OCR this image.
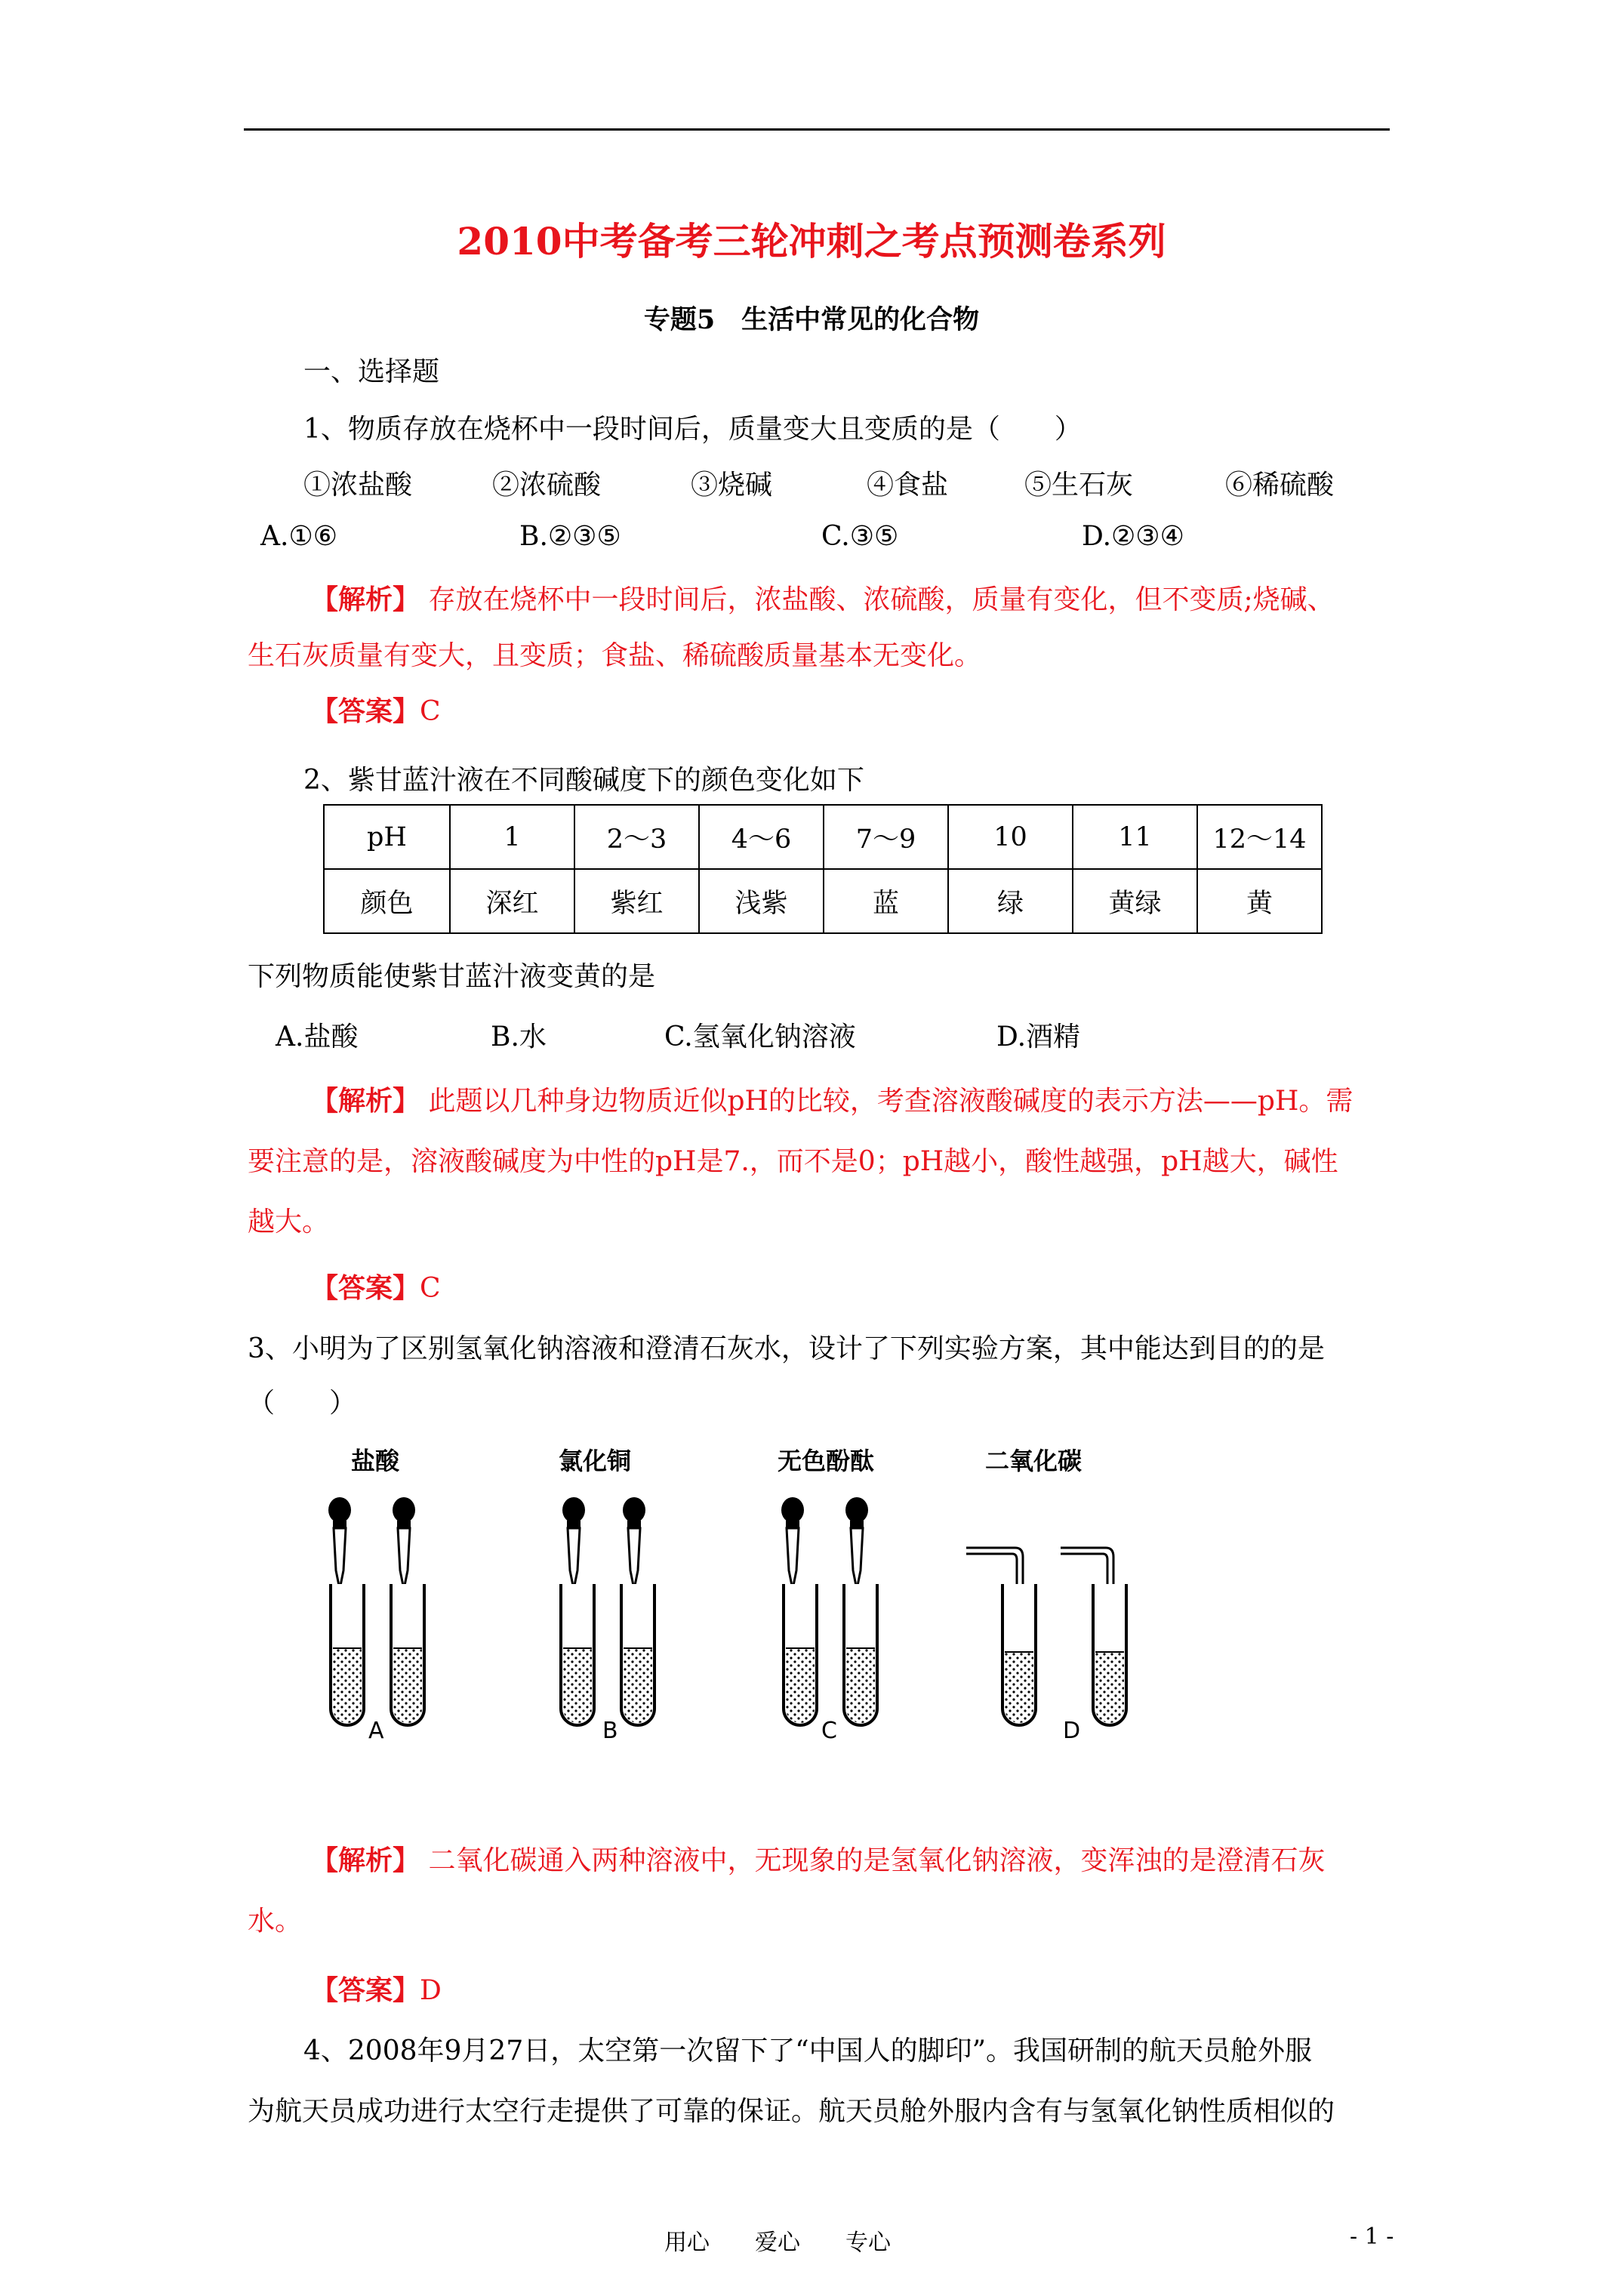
2010中考备考三轮冲刺之考点预测卷系列
专题5　生活中常见的化合物
一、选择题
1、物质存放在烧杯中一段时间后，质量变大且变质的是（　　）
①浓盐酸	②浓硫酸	③烧碱	④食盐	⑤生石灰	⑥稀硫酸
A.①⑥	B.②③⑤	C.③⑤	D.②③④
【解析】 存放在烧杯中一段时间后，浓盐酸、浓硫酸，质量有变化，但不变质;烧碱、
生石灰质量有变大，且变质；食盐、稀硫酸质量基本无变化。
【答案】C
2、紫甘蓝汁液在不同酸碱度下的颜色变化如下
pH	1	2～3	4～6	7～9	10	11	12～14
颜色	深红	紫红	浅紫	蓝	绿	黄绿	黄
下列物质能使紫甘蓝汁液变黄的是
A.盐酸	B.水	C.氢氧化钠溶液	D.酒精
【解析】 此题以几种身边物质近似pH的比较，考查溶液酸碱度的表示方法——pH。需
要注意的是，溶液酸碱度为中性的pH是7.，而不是0；pH越小，酸性越强，pH越大，碱性
越大。
【答案】C
3、小明为了区别氢氧化钠溶液和澄清石灰水，设计了下列实验方案，其中能达到目的的是
（　　）
盐酸	氯化铜	无色酚酞	二氧化碳
A	B	C	D
【解析】 二氧化碳通入两种溶液中，无现象的是氢氧化钠溶液，变浑浊的是澄清石灰
水。
【答案】D
4、2008年9月27日，太空第一次留下了“中国人的脚印”。我国研制的航天员舱外服
为航天员成功进行太空行走提供了可靠的保证。航天员舱外服内含有与氢氧化钠性质相似的
用心　　爱心　　专心	- 1 -
